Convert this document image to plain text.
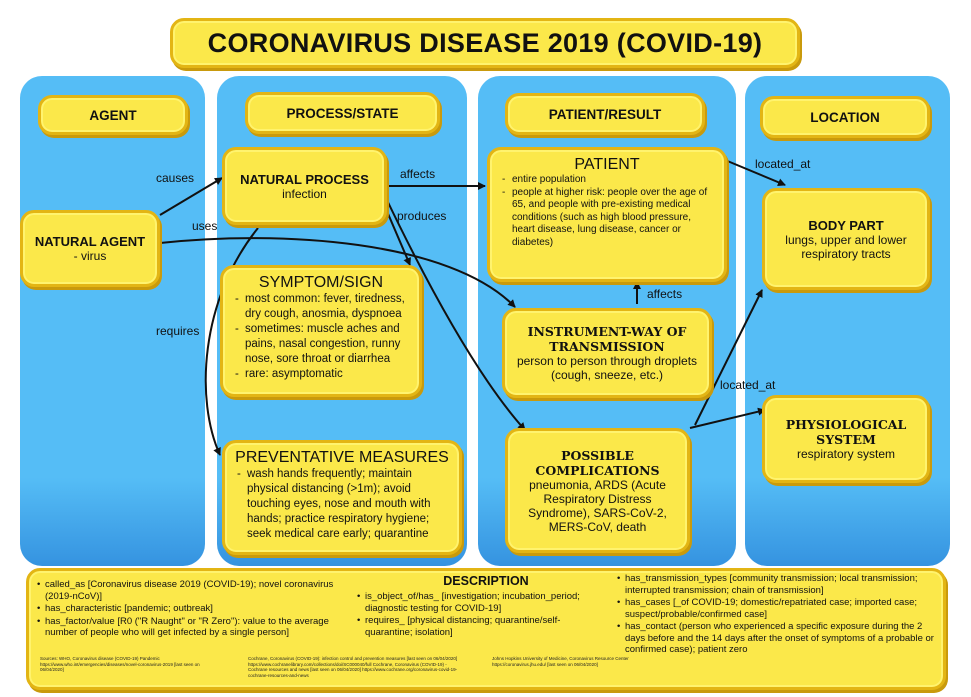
CORONAVIRUS DISEASE 2019 (COVID-19)
AGENT	PROCESS/STATE	PATIENT/RESULT	LOCATION
causes
uses
requires
affects
produces
affects
located_at
located_at
NATURAL AGENT
- virus
NATURAL PROCESS
infection
SYMPTOM/SIGN
- most common: fever, tiredness, dry cough, anosmia, dyspnoea
- sometimes: muscle aches and pains, nasal congestion, runny nose, sore throat or diarrhea
- rare: asymptomatic
PREVENTATIVE MEASURES
- wash hands frequently; maintain physical distancing (>1m); avoid touching eyes, nose and mouth with hands; practice respiratory hygiene; seek medical care early; quarantine
PATIENT
- entire population
- people at higher risk: people over the age of 65, and people with pre-existing medical conditions (such as high blood pressure, heart disease, lung disease, cancer or diabetes)
INSTRUMENT-WAY OF TRANSMISSION
person to person through droplets (cough, sneeze, etc.)
POSSIBLE COMPLICATIONS
pneumonia, ARDS (Acute Respiratory Distress Syndrome), SARS-CoV-2, MERS-CoV, death
BODY PART
lungs, upper and lower respiratory tracts
PHYSIOLOGICAL SYSTEM
respiratory system
DESCRIPTION
• called_as [Coronavirus disease 2019 (COVID-19); novel coronavirus (2019-nCoV)]
• has_characteristic [pandemic; outbreak]
• has_factor/value [R0 ("R Naught" or "R Zero"): value to the average number of people who will get infected by a single person]
• is_object_of/has_ [investigation; incubation_period; diagnostic testing for COVID-19]
• requires_ [physical distancing; quarantine/self-quarantine; isolation]
• has_transmission_types [community transmission; local transmission; interrupted transmission; chain of transmission]
• has_cases [_of COVID-19; domestic/repatriated case; imported case; suspect/probable/confirmed case]
• has_contact (person who experienced a specific exposure during the 2 days before and the 14 days after the onset of symptoms of a probable or confirmed case); patient zero
Sources: WHO, Coronavirus disease (COVID-19) Pandemic https://www.who.int/emergencies/diseases/novel-coronavirus-2019 [last seen on 06/04/2020]
Cochrane, Coronavirus (COVID-19): infection control and prevention measures [last seen on 06/04/2020] https://www.cochranelibrary.com/collections/doi/SC000040/full Cochrane, Coronavirus (COVID-19) - Cochrane resources and news [last seen on 06/04/2020] https://www.cochrane.org/coronavirus-covid-19-cochrane-resources-and-news
Johns Hopkins University of Medicine, Coronavirus Resource Center https://coronavirus.jhu.edu/ [last seen on 06/04/2020]
